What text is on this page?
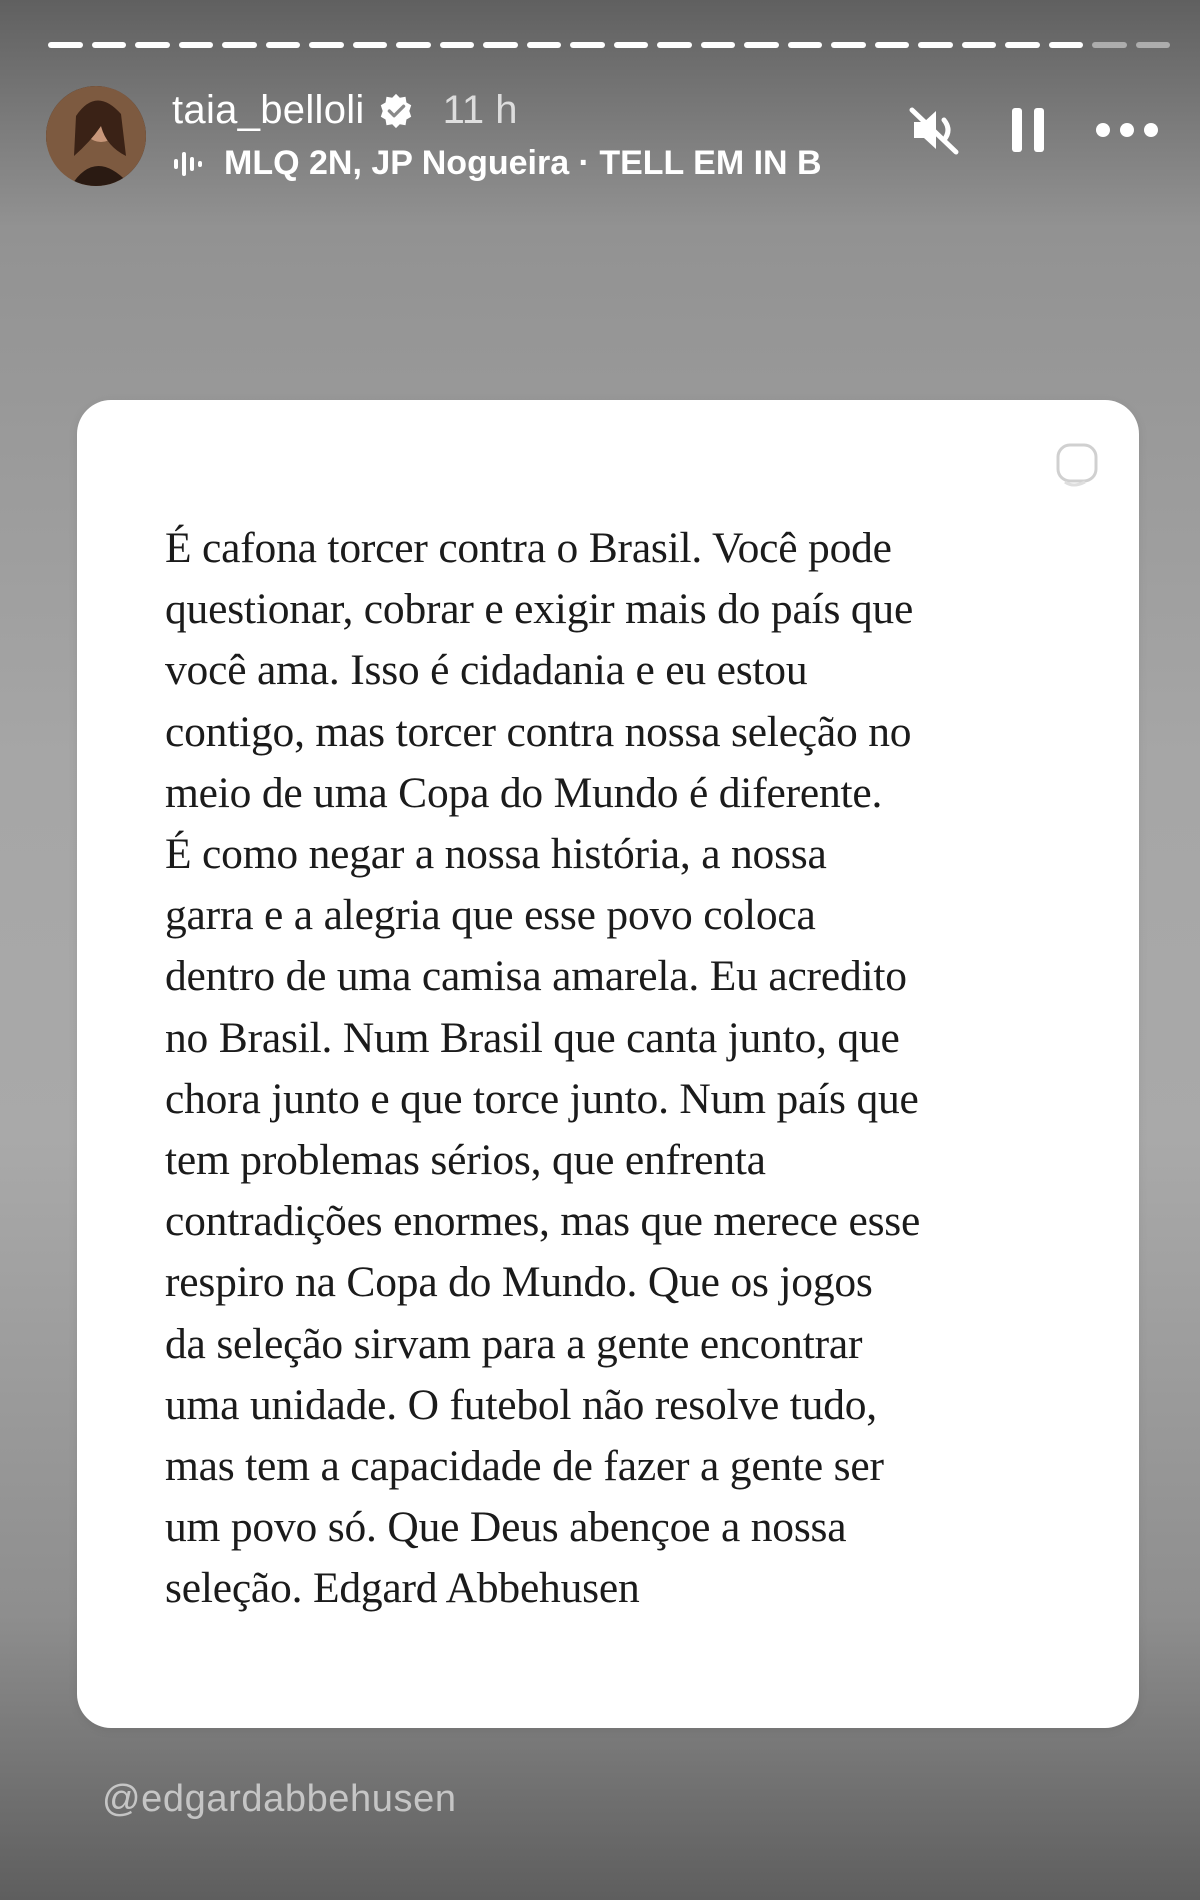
taia_belloli 11 h
MLQ 2N, JP Nogueira · TELL EM IN B
É cafona torcer contra o Brasil. Você pode
questionar, cobrar e exigir mais do país que
você ama. Isso é cidadania e eu estou
contigo, mas torcer contra nossa seleção no
meio de uma Copa do Mundo é diferente.
É como negar a nossa história, a nossa
garra e a alegria que esse povo coloca
dentro de uma camisa amarela. Eu acredito
no Brasil. Num Brasil que canta junto, que
chora junto e que torce junto. Num país que
tem problemas sérios, que enfrenta
contradições enormes, mas que merece esse
respiro na Copa do Mundo. Que os jogos
da seleção sirvam para a gente encontrar
uma unidade. O futebol não resolve tudo,
mas tem a capacidade de fazer a gente ser
um povo só. Que Deus abençoe a nossa
seleção. Edgard Abbehusen
@edgardabbehusen
